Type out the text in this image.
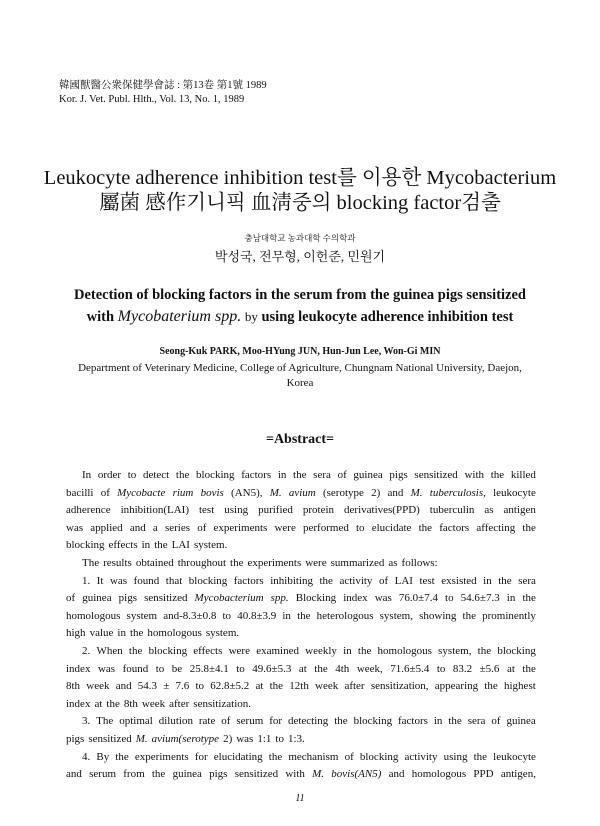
韓國獸醫公衆保健學會誌 : 第13卷 第1號 1989
Kor. J. Vet. Publ. Hlth., Vol. 13, No. 1, 1989
Leukocyte adherence inhibition test를 이용한 Mycobacterium
屬菌 感作기니픽 血淸중의 blocking factor검출
충남대학교 농과대학 수의학과
박성국, 전무형, 이헌준, 민원기
Detection of blocking factors in the serum from the guinea pigs sensitized
with Mycobaterium spp. by using leukocyte adherence inhibition test
Seong-Kuk PARK, Moo-HYung JUN, Hun-Jun Lee, Won-Gi MIN
Department of Veterinary Medicine, College of Agriculture, Chungnam National University, Daejon, Korea
=Abstract=
In order to detect the blocking factors in the sera of guinea pigs sensitized with the killed
bacilli of Mycobacte rium bovis (AN5), M. avium (serotype 2) and M. tuberculosis, leukocyte
adherence inhibition(LAI) test using purified protein derivatives(PPD) tuberculin as antigen
was applied and a series of experiments were performed to elucidate the factors affecting the
blocking effects in the LAI system.
The results obtained throughout the experiments were summarized as follows:
1. It was found that blocking factors inhibiting the activity of LAI test exsisted in the sera
of guinea pigs sensitized Mycobacterium spp. Blocking index was 76.0±7.4 to 54.6±7.3 in the
homologous system and-8.3±0.8 to 40.8±3.9 in the heterologous system, showing the prominently
high value in the homologous system.
2. When the blocking effects were examined weekly in the homologous system, the blocking
index was found to be 25.8±4.1 to 49.6±5.3 at the 4th week, 71.6±5.4 to 83.2 ±5.6 at the
8th week and 54.3 ± 7.6 to 62.8±5.2 at the 12th week after sensitization, appearing the highest
index at the 8th week after sensitization.
3. The optimal dilution rate of serum for detecting the blocking factors in the sera of guinea
pigs sensitized M. avium(serotype 2) was 1:1 to 1:3.
4. By the experiments for elucidating the mechanism of blocking activity using the leukocyte
and serum from the guinea pigs sensitized with M. bovis(AN5) and homologous PPD antigen,
11
